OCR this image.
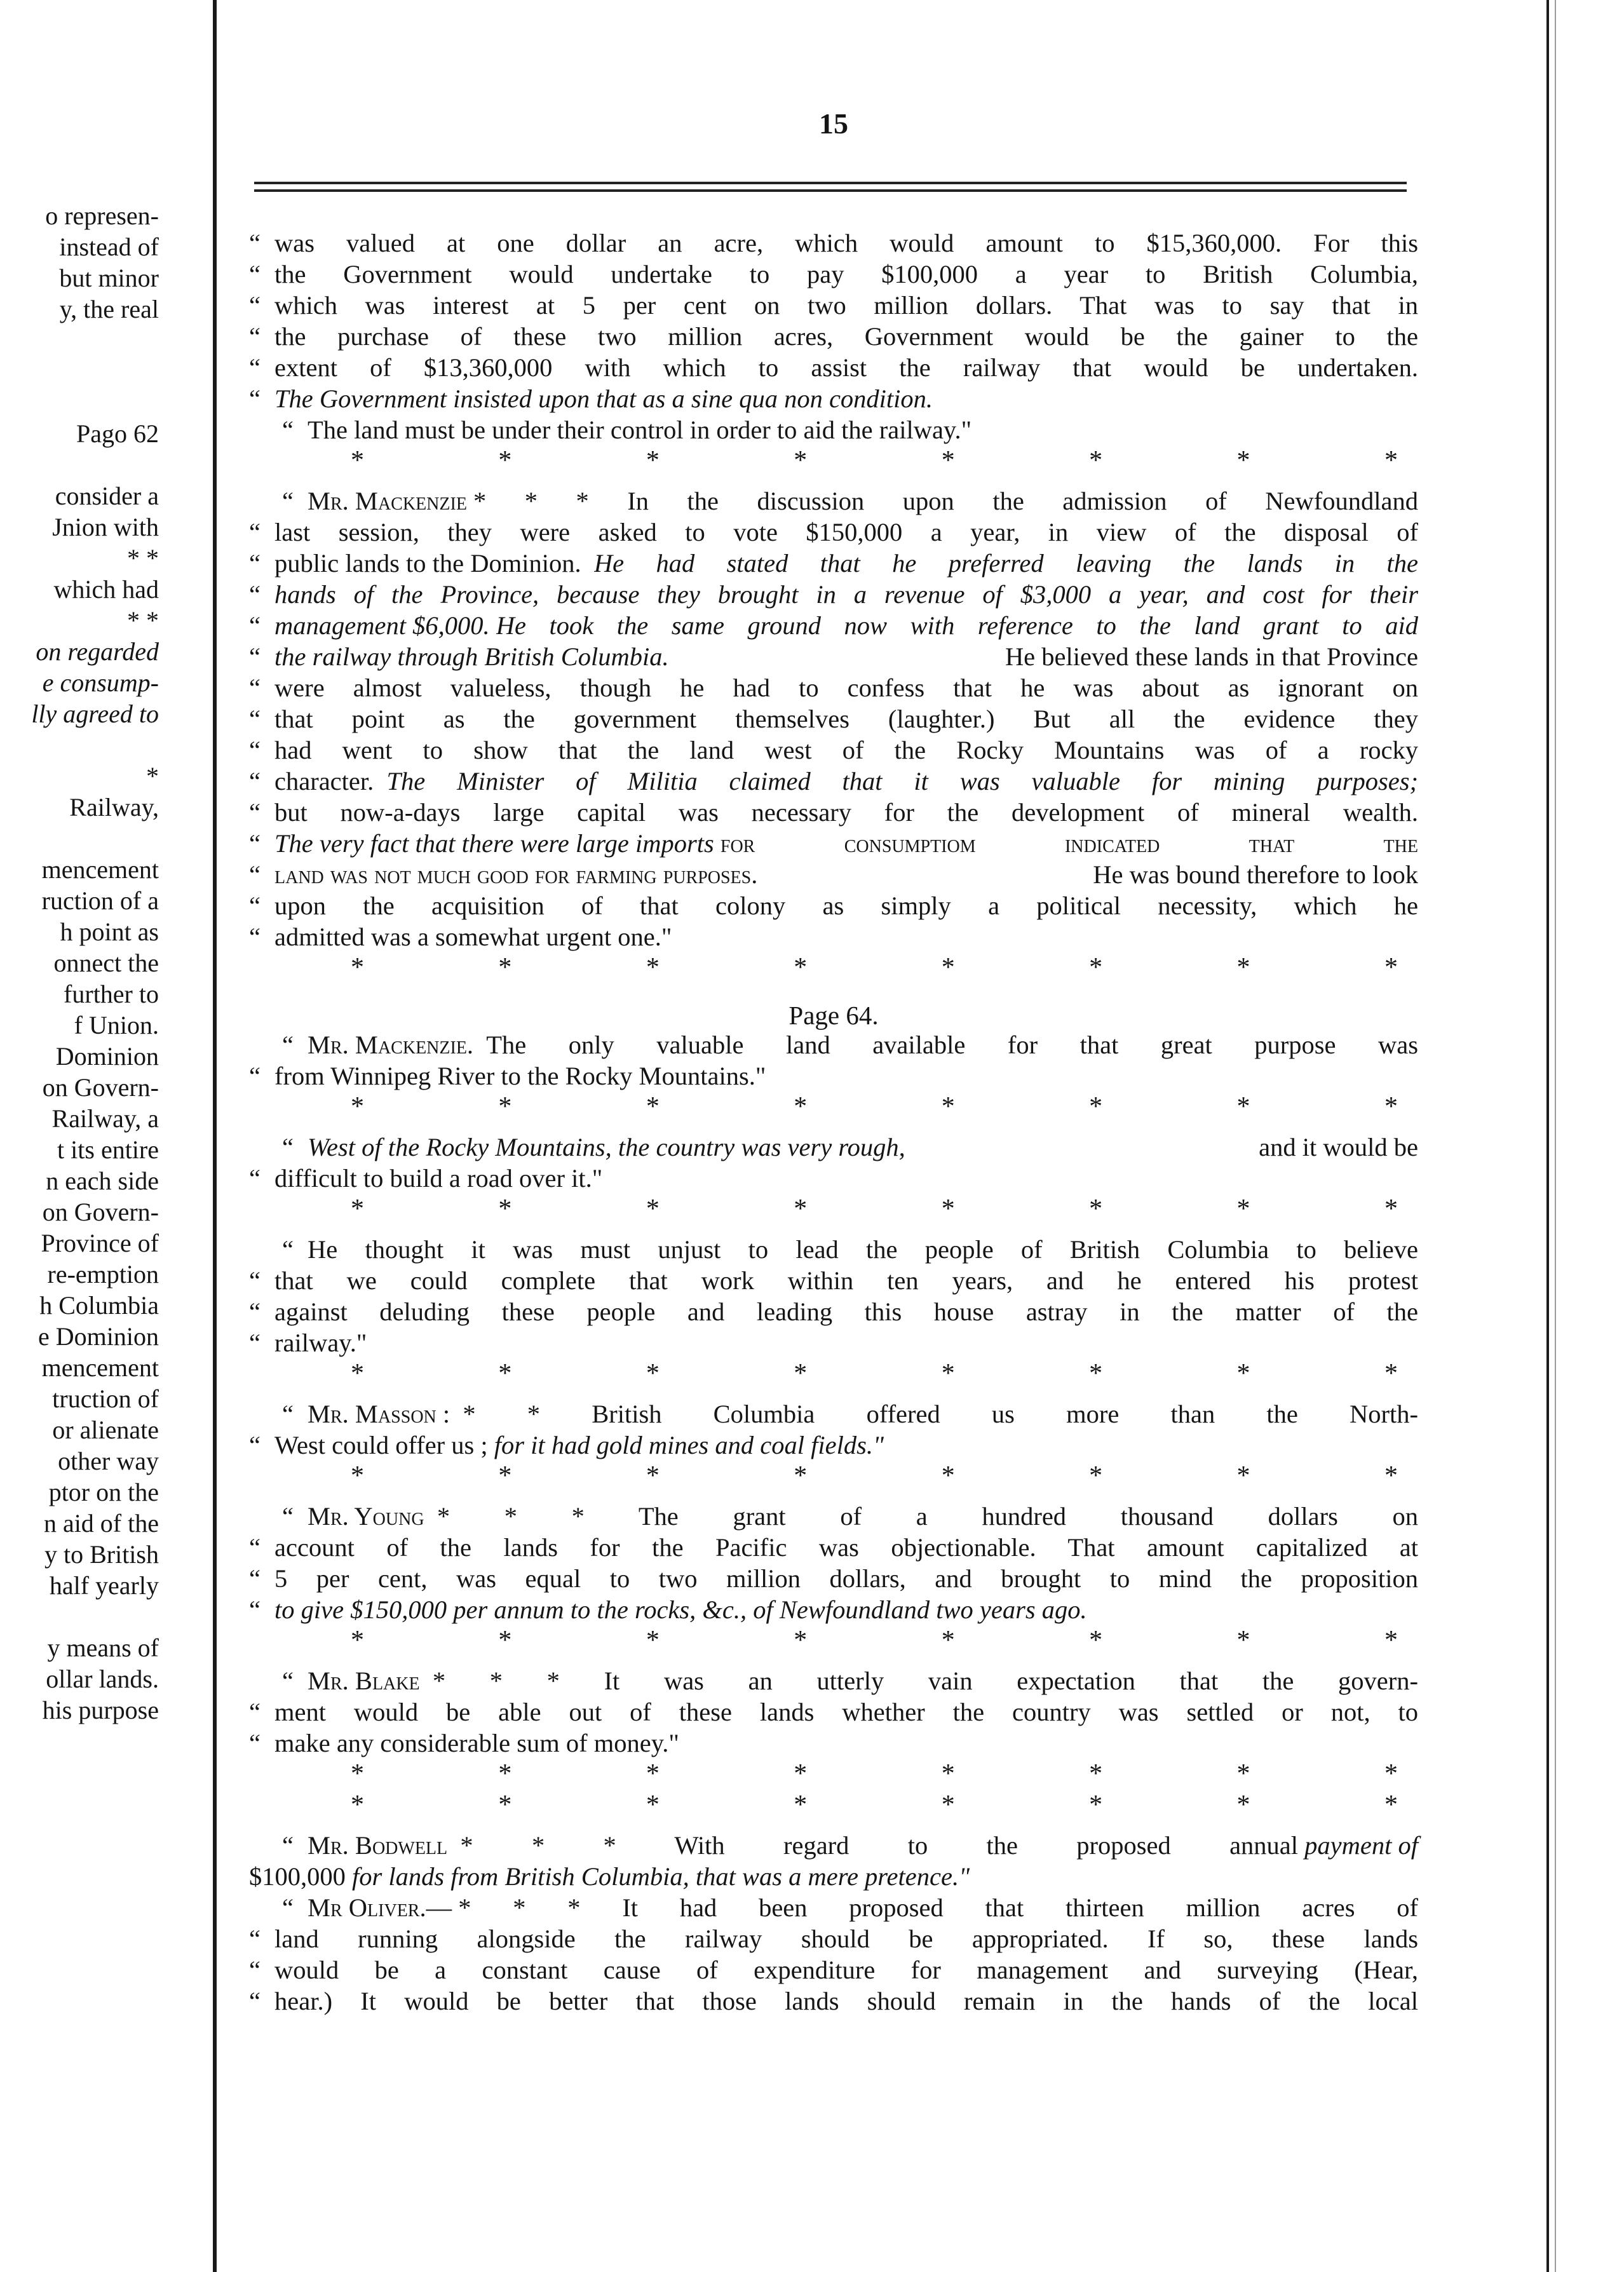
o represen-
instead of
but minor
y, the real
Pago 62
consider a
Jnion with
* *
which had
* *
on regarded
e consump-
lly agreed to
*
Railway,
mencement
ruction of a
h point as
onnect the
further to
f Union.
Dominion
on Govern-
Railway, a
t its entire
n each side
on Govern-
Province of
re-emption
h Columbia
e Dominion
mencement
truction of
or alienate
other way
ptor on the
n aid of the
y to British
half yearly
y means of
ollar lands.
his purpose
15
“ was valued at one dollar an acre, which would amount to $15,360,000. For this
“ the Government would undertake to pay $100,000 a year to British Columbia,
“ which was interest at 5 per cent on two million dollars. That was to say that in
“ the purchase of these two million acres, Government would be the gainer to the
“ extent of $13,360,000 with which to assist the railway that would be undertaken.
“ The Government insisted upon that as a sine qua non condition.
“ The land must be under their control in order to aid the railway."
*	*	*	*	*	*	*	*
“ Mr. Mackenzie
* * * In the discussion upon the admission of Newfoundland
“ last session, they were asked to vote $150,000 a year, in view of the disposal of
“ public lands to the Dominion.
He had stated that he preferred leaving the lands in the
“ hands of the Province, because they brought in a revenue of $3,000 a year, and cost for their
“ management $6,000.
He took the same ground now with reference to the land grant to aid
“ the railway through British Columbia.
	He believed these lands in that Province
“ were almost valueless, though he had to confess that he was about as ignorant on
“ that point as the government themselves (laughter.) But all the evidence they
“ had went to show that the land west of the Rocky Mountains was of a rocky
“ character.
The Minister of Militia claimed that it was valuable for mining purposes;
“ but now-a-days large capital was necessary for the development of mineral wealth.
“ The very fact that there were large imports
for consumptiom indicated that the
“ land was not much good for farming purposes.
	He was bound therefore to look
“ upon the acquisition of that colony as simply a political necessity, which he
“ admitted was a somewhat urgent one."
*	*	*	*	*	*	*	*
Page 64.
“ Mr. Mackenzie.
The only valuable land available for that great purpose was
“ from Winnipeg River to the Rocky Mountains."
*	*	*	*	*	*	*	*
“ West of the Rocky Mountains, the country was very rough,
	and it would be
“ difficult to build a road over it."
*	*	*	*	*	*	*	*
“ He thought it was must unjust to lead the people of British Columbia to believe
“ that we could complete that work within ten years, and he entered his protest
“ against deluding these people and leading this house astray in the matter of the
“ railway."
*	*	*	*	*	*	*	*
“ Mr. Masson :
* * British Columbia offered us more than the North-
“ West could offer us ;
for it had gold mines and coal fields."
*	*	*	*	*	*	*	*
“ Mr. Young
* * * The grant of a hundred thousand dollars on
“ account of the lands for the Pacific was objectionable. That amount capitalized at
“ 5 per cent, was equal to two million dollars, and brought to mind the proposition
“ to give $150,000
per annum
to the rocks, &c., of Newfoundland two years ago.
*	*	*	*	*	*	*	*
“ Mr. Blake
* * * It was an utterly vain expectation that the govern-
“ ment would be able out of these lands whether the country was settled or not, to
“ make any considerable sum of money."
*	*	*	*	*	*	*	*
*	*	*	*	*	*	*	*
“ Mr. Bodwell
* * * With regard to the proposed annual
payment of
$100,000
for lands from British Columbia, that was a mere pretence."
“ Mr Oliver.—
* * * It had been proposed that thirteen million acres of
“ land running alongside the railway should be appropriated. If so, these lands
“ would be a constant cause of expenditure for management and surveying (Hear,
“ hear.) It would be better that those lands should remain in the hands of the local
